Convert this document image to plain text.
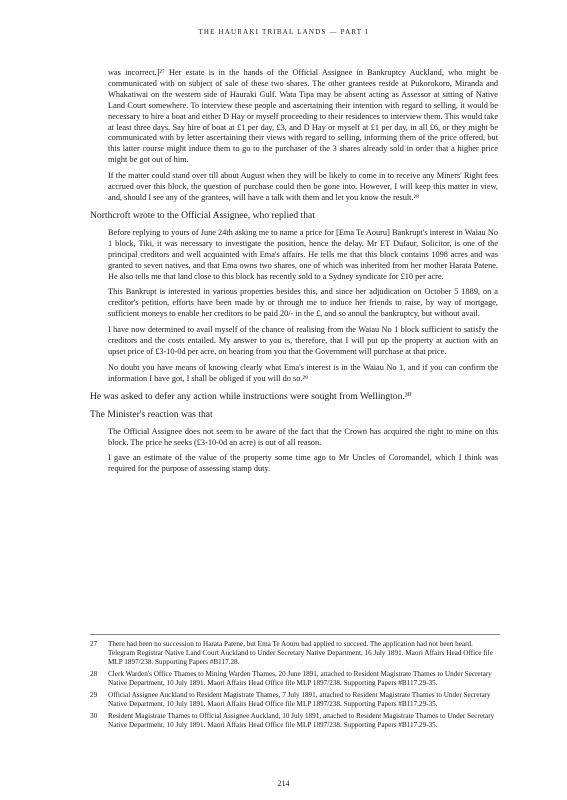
THE HAURAKI TRIBAL LANDS — PART I

was incorrect.]²⁷ Her estate is in the hands of the Official Assignee in Bankruptcy Auckland, who might be communicated with on subject of sale of these two shares. The other grantees reside at Pukorokoro, Miranda and Whakatiwai on the western side of Hauraki Gulf. Wata Tipa may be absent acting as Assessor at sitting of Native Land Court somewhere. To interview these people and ascertaining their intention with regard to selling, it would be necessary to hire a boat and either D Hay or myself proceeding to their residences to interview them. This would take at least three days. Say hire of boat at £1 per day, £3, and D Hay or myself at £1 per day, in all £6, or they might be communicated with by letter ascertaining their views with regard to selling, informing them of the price offered, but this latter course might induce them to go to the purchaser of the 3 shares already sold in order that a higher price might be got out of him.

If the matter could stand over till about August when they will be likely to come in to receive any Miners' Right fees accrued over this block, the question of purchase could then be gone into. However, I will keep this matter in view, and, should I see any of the grantees, will have a talk with them and let you know the result.²⁸

Northcroft wrote to the Official Assignee, who replied that

Before replying to yours of June 24th asking me to name a price for [Ema Te Aouru] Bankrupt's interest in Waiau No 1 block, Tiki, it was necessary to investigate the position, hence the delay. Mr ET Dufaur, Solicitor, is one of the principal creditors and well acquainted with Ema's affairs. He tells me that this block contains 1098 acres and was granted to seven natives, and that Ema owns two shares, one of which was inherited from her mother Harata Patene. He also tells me that land close to this block has recently sold to a Sydney syndicate for £10 per acre.

This Bankrupt is interested in various properties besides this, and since her adjudication on October 5 1889, on a creditor's petition, efforts have been made by or through me to induce her friends to raise, by way of mortgage, sufficient moneys to enable her creditors to be paid 20/- in the £, and so annul the bankruptcy, but without avail.

I have now determined to avail myself of the chance of realising from the Waiau No 1 block sufficient to satisfy the creditors and the costs entailed. My answer to you is, therefore, that I will put up the property at auction with an upset price of £3-10-0d per acre, on hearing from you that the Government will purchase at that price.

No doubt you have means of knowing clearly what Ema's interest is in the Waiau No 1, and if you can confirm the information I have got, I shall be obliged if you will do so.²⁹

He was asked to defer any action while instructions were sought from Wellington.³⁰
The Minister's reaction was that

The Official Assignee does not seem to be aware of the fact that the Crown has acquired the right to mine on this block. The price he seeks (£3-10-0d an acre) is out of all reason.

I gave an estimate of the value of the property some time ago to Mr Uncles of Coromandel, which I think was required for the purpose of assessing stamp duty.

27	There had been no succession to Harata Patene, but Ema Te Aouru had applied to succeed. The application had not been heard. Telegram Registrar Native Land Court Auckland to Under Secretary Native Department, 16 July 1891. Maori Affairs Head Office file MLP 1897/238. Supporting Papers #B117.28.
28	Clerk Warden's Office Thames to Mining Warden Thames, 20 June 1891, attached to Resident Magistrate Thames to Under Secretary Native Department, 10 July 1891. Maori Affairs Head Office file MLP 1897/238. Supporting Papers #B117.29-35.
29	Official Assignee Auckland to Resident Magistrate Thames, 7 July 1891, attached to Resident Magistrate Thames to Under Secretary Native Department, 10 July 1891. Maori Affairs Head Office file MLP 1897/238. Supporting Papers #B117.29-35.
30	Resident Magistrate Thames to Official Assignee Auckland, 10 July 1891, attached to Resident Magistrate Thames to Under Secretary Native Department, 10 July 1891. Maori Affairs Head Office file MLP 1897/238. Supporting Papers #B117.29-35.
214
